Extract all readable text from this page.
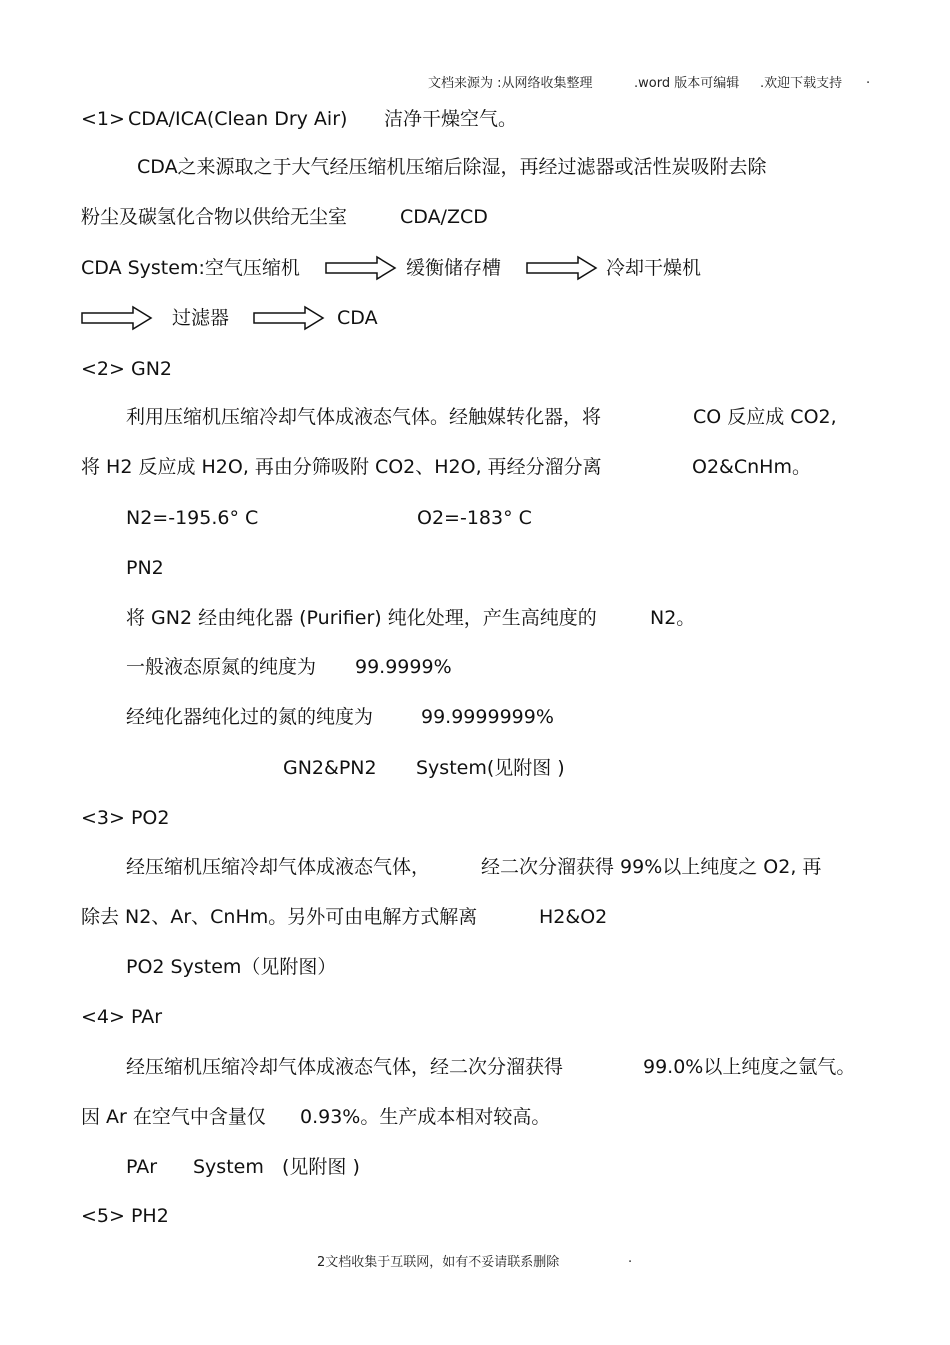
文档来源为 :从网络收集整理	.word 版本可编辑 .欢迎下载支持 .
<1> CDA/ICA(Clean Dry Air) 洁净干燥空气。
CDA之来源取之于大气经压缩机压缩后除湿，再经过滤器或活性炭吸附去除
粉尘及碳氢化合物以供给无尘室	CDA/ZCD
CDA System:空气压缩机	缓衡储存槽	冷却干燥机
过滤器	CDA
<2> GN2
利用压缩机压缩冷却气体成液态气体。经触媒转化器，将	CO 反应成 CO2,
将 H2 反应成 H2O, 再由分筛吸附 CO2、H2O, 再经分溜分离	O2&CnHm。
N2=-195.6° C	O2=-183° C
PN2
将 GN2 经由纯化器 (Purifier) 纯化处理，产生高纯度的	N2。
一般液态原氮的纯度为 99.9999%
经纯化器纯化过的氮的纯度为	99.9999999%
GN2&PN2 System(见附图 )
<3> PO2
经压缩机压缩冷却气体成液态气体，	经二次分溜获得 99%以上纯度之 O2, 再
除去 N2、Ar、CnHm。另外可由电解方式解离	H2&O2
PO2 System（见附图）
<4> PAr
经压缩机压缩冷却气体成液态气体，经二次分溜获得	99.0%以上纯度之氩气。
因 Ar 在空气中含量仅 0.93%。生产成本相对较高。
PAr System (见附图 )
<5> PH2
2文档收集于互联网，如有不妥请联系删除	.
